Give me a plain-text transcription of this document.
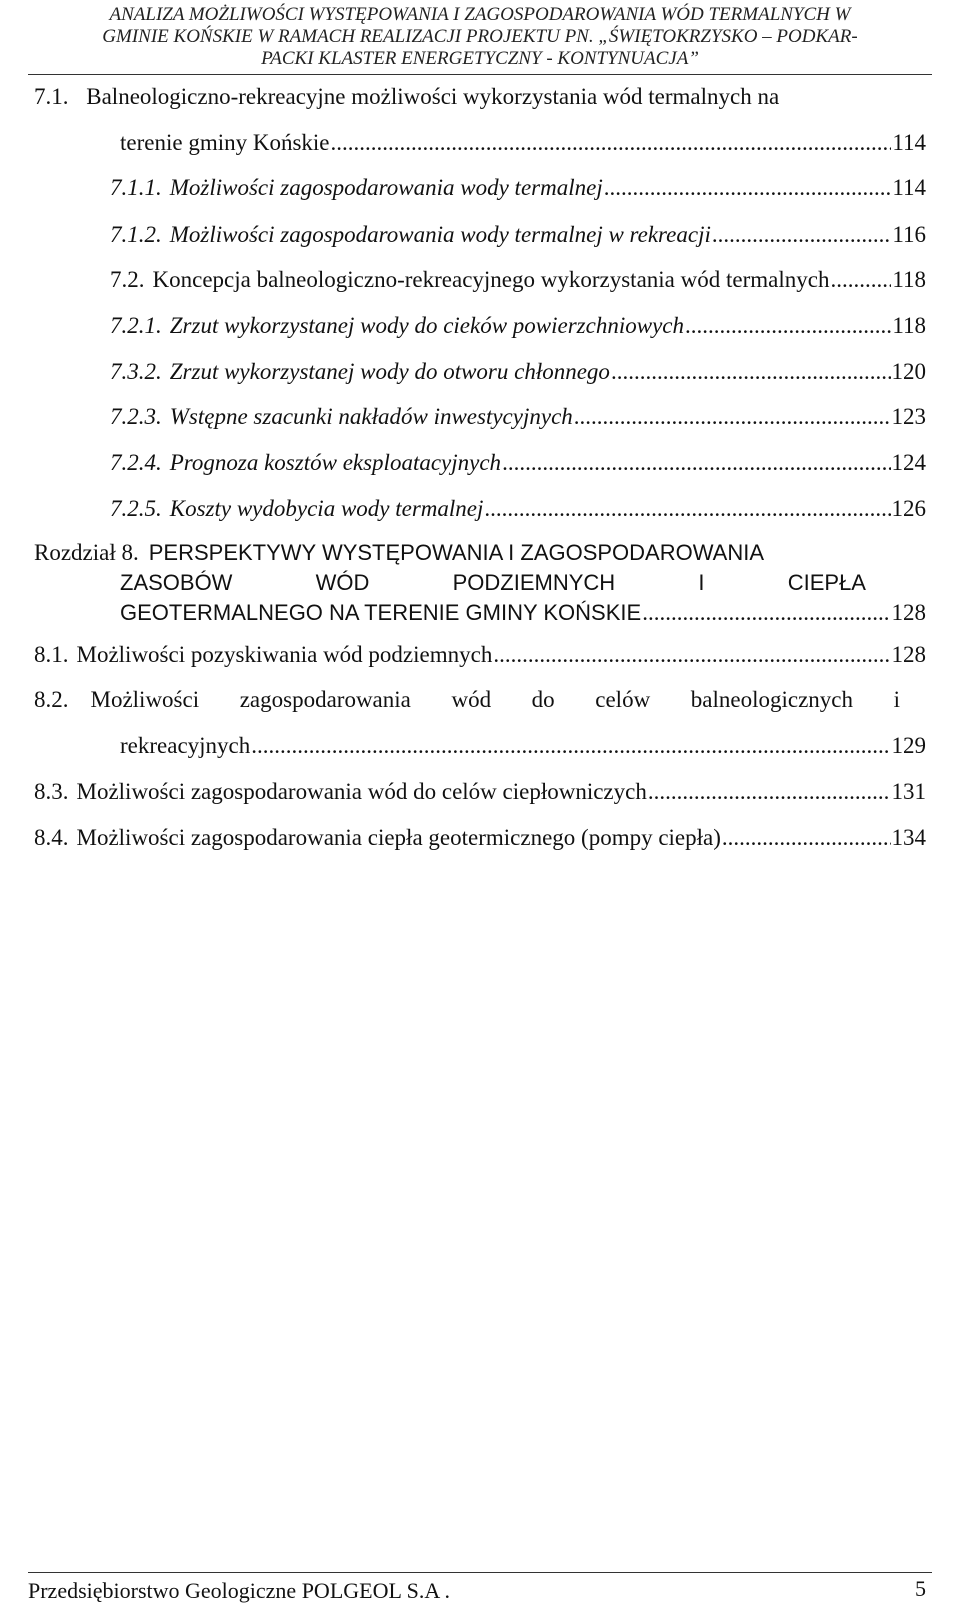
ANALIZA MOŻLIWOŚCI WYSTĘPOWANIA I ZAGOSPODAROWANIA WÓD TERMALNYCH W
GMINIE KOŃSKIE W RAMACH REALIZACJI PROJEKTU PN. „ŚWIĘTOKRZYSKO – PODKAR-
PACKI KLASTER ENERGETYCZNY - KONTYNUACJA”
7.1. Balneologiczno-rekreacyjne możliwości wykorzystania wód termalnych na
terenie gminy Końskie .....	114
7.1.1. Możliwości zagospodarowania wody termalnej .....	114
7.1.2. Możliwości zagospodarowania wody termalnej w rekreacji .....	116
7.2. Koncepcja balneologiczno-rekreacyjnego wykorzystania wód termalnych .....	118
7.2.1. Zrzut wykorzystanej wody do cieków powierzchniowych .....	118
7.3.2. Zrzut wykorzystanej wody do otworu chłonnego .....	120
7.2.3. Wstępne szacunki nakładów inwestycyjnych .....	123
7.2.4. Prognoza kosztów eksploatacyjnych .....	124
7.2.5. Koszty wydobycia wody termalnej .....	126
Rozdział 8. PERSPEKTYWY WYSTĘPOWANIA I ZAGOSPODAROWANIA
ZASOBÓW	WÓD	PODZIEMNYCH	I	CIEPŁA
GEOTERMALNEGO NA TERENIE GMINY KOŃSKIE .....	128
8.1. Możliwości pozyskiwania wód podziemnych .....	128
8.2. Możliwości zagospodarowania wód do celów balneologicznych i
rekreacyjnych .....	129
8.3. Możliwości zagospodarowania wód do celów ciepłowniczych .....	131
8.4. Możliwości zagospodarowania ciepła geotermicznego (pompy ciepła) .....	134
Przedsiębiorstwo Geologiczne POLGEOL S.A .	5
